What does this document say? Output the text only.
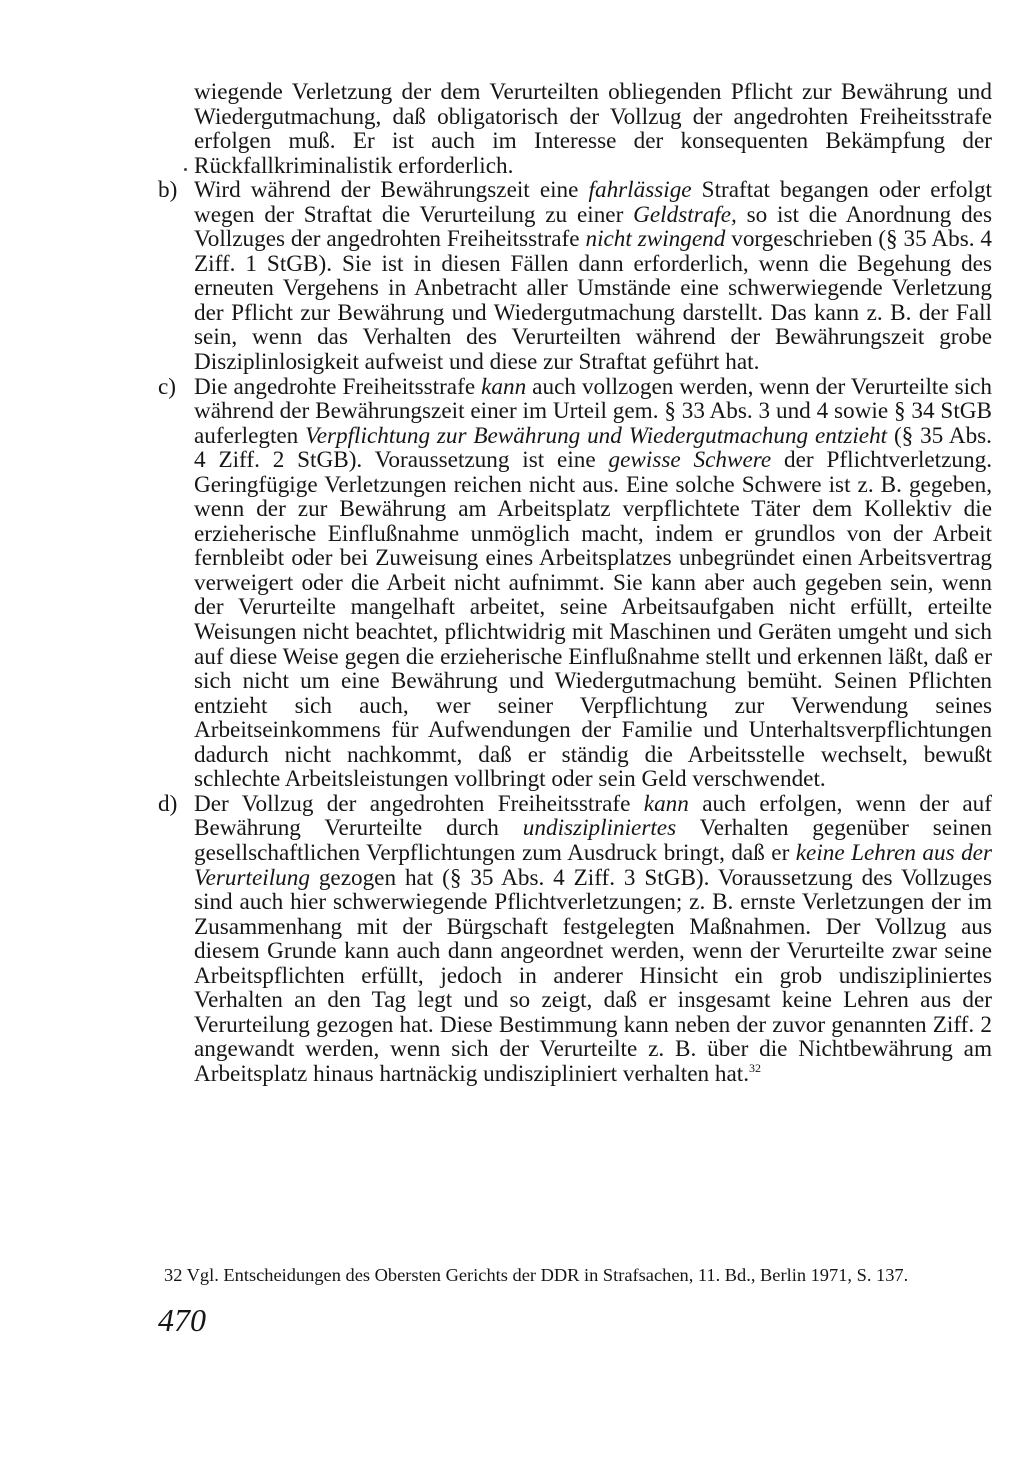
wiegende Verletzung der dem Verurteilten obliegenden Pflicht zur Bewährung und Wiedergutmachung, daß obligatorisch der Vollzug der angedrohten Freiheitsstrafe erfolgen muß. Er ist auch im Interesse der konsequenten Bekämpfung der Rückfallkriminalistik erforderlich.

b) Wird während der Bewährungszeit eine fahrlässige Straftat begangen oder erfolgt wegen der Straftat die Verurteilung zu einer Geldstrafe, so ist die Anordnung des Vollzuges der angedrohten Freiheitsstrafe nicht zwingend vorgeschrieben (§ 35 Abs. 4 Ziff. 1 StGB). Sie ist in diesen Fällen dann erforderlich, wenn die Begehung des erneuten Vergehens in Anbetracht aller Umstände eine schwerwiegende Verletzung der Pflicht zur Bewährung und Wiedergutmachung darstellt. Das kann z. B. der Fall sein, wenn das Verhalten des Verurteilten während der Bewährungszeit grobe Disziplinlosigkeit aufweist und diese zur Straftat geführt hat.

c) Die angedrohte Freiheitsstrafe kann auch vollzogen werden, wenn der Verurteilte sich während der Bewährungszeit einer im Urteil gem. § 33 Abs. 3 und 4 sowie § 34 StGB auferlegten Verpflichtung zur Bewährung und Wiedergutmachung entzieht (§ 35 Abs. 4 Ziff. 2 StGB). Voraussetzung ist eine gewisse Schwere der Pflichtverletzung. Geringfügige Verletzungen reichen nicht aus. Eine solche Schwere ist z. B. gegeben, wenn der zur Bewährung am Arbeitsplatz verpflichtete Täter dem Kollektiv die erzieherische Einflußnahme unmöglich macht, indem er grundlos von der Arbeit fernbleibt oder bei Zuweisung eines Arbeitsplatzes unbegründet einen Arbeitsvertrag verweigert oder die Arbeit nicht aufnimmt. Sie kann aber auch gegeben sein, wenn der Verurteilte mangelhaft arbeitet, seine Arbeitsaufgaben nicht erfüllt, erteilte Weisungen nicht beachtet, pflichtwidrig mit Maschinen und Geräten umgeht und sich auf diese Weise gegen die erzieherische Einflußnahme stellt und erkennen läßt, daß er sich nicht um eine Bewährung und Wiedergutmachung bemüht. Seinen Pflichten entzieht sich auch, wer seiner Verpflichtung zur Verwendung seines Arbeitseinkommens für Aufwendungen der Familie und Unterhaltsverpflichtungen dadurch nicht nachkommt, daß er ständig die Arbeitsstelle wechselt, bewußt schlechte Arbeitsleistungen vollbringt oder sein Geld verschwendet.

d) Der Vollzug der angedrohten Freiheitsstrafe kann auch erfolgen, wenn der auf Bewährung Verurteilte durch undiszipliniertes Verhalten gegenüber seinen gesellschaftlichen Verpflichtungen zum Ausdruck bringt, daß er keine Lehren aus der Verurteilung gezogen hat (§ 35 Abs. 4 Ziff. 3 StGB). Voraussetzung des Vollzuges sind auch hier schwerwiegende Pflichtverletzungen; z. B. ernste Verletzungen der im Zusammenhang mit der Bürgschaft festgelegten Maßnahmen. Der Vollzug aus diesem Grunde kann auch dann angeordnet werden, wenn der Verurteilte zwar seine Arbeitspflichten erfüllt, jedoch in anderer Hinsicht ein grob undiszipliniertes Verhalten an den Tag legt und so zeigt, daß er insgesamt keine Lehren aus der Verurteilung gezogen hat. Diese Bestimmung kann neben der zuvor genannten Ziff. 2 angewandt werden, wenn sich der Verurteilte z. B. über die Nichtbewährung am Arbeitsplatz hinaus hartnäckig undiszipliniert verhalten hat.$^{32}$

32 Vgl. Entscheidungen des Obersten Gerichts der DDR in Strafsachen, 11. Bd., Berlin 1971, S. 137.
470
